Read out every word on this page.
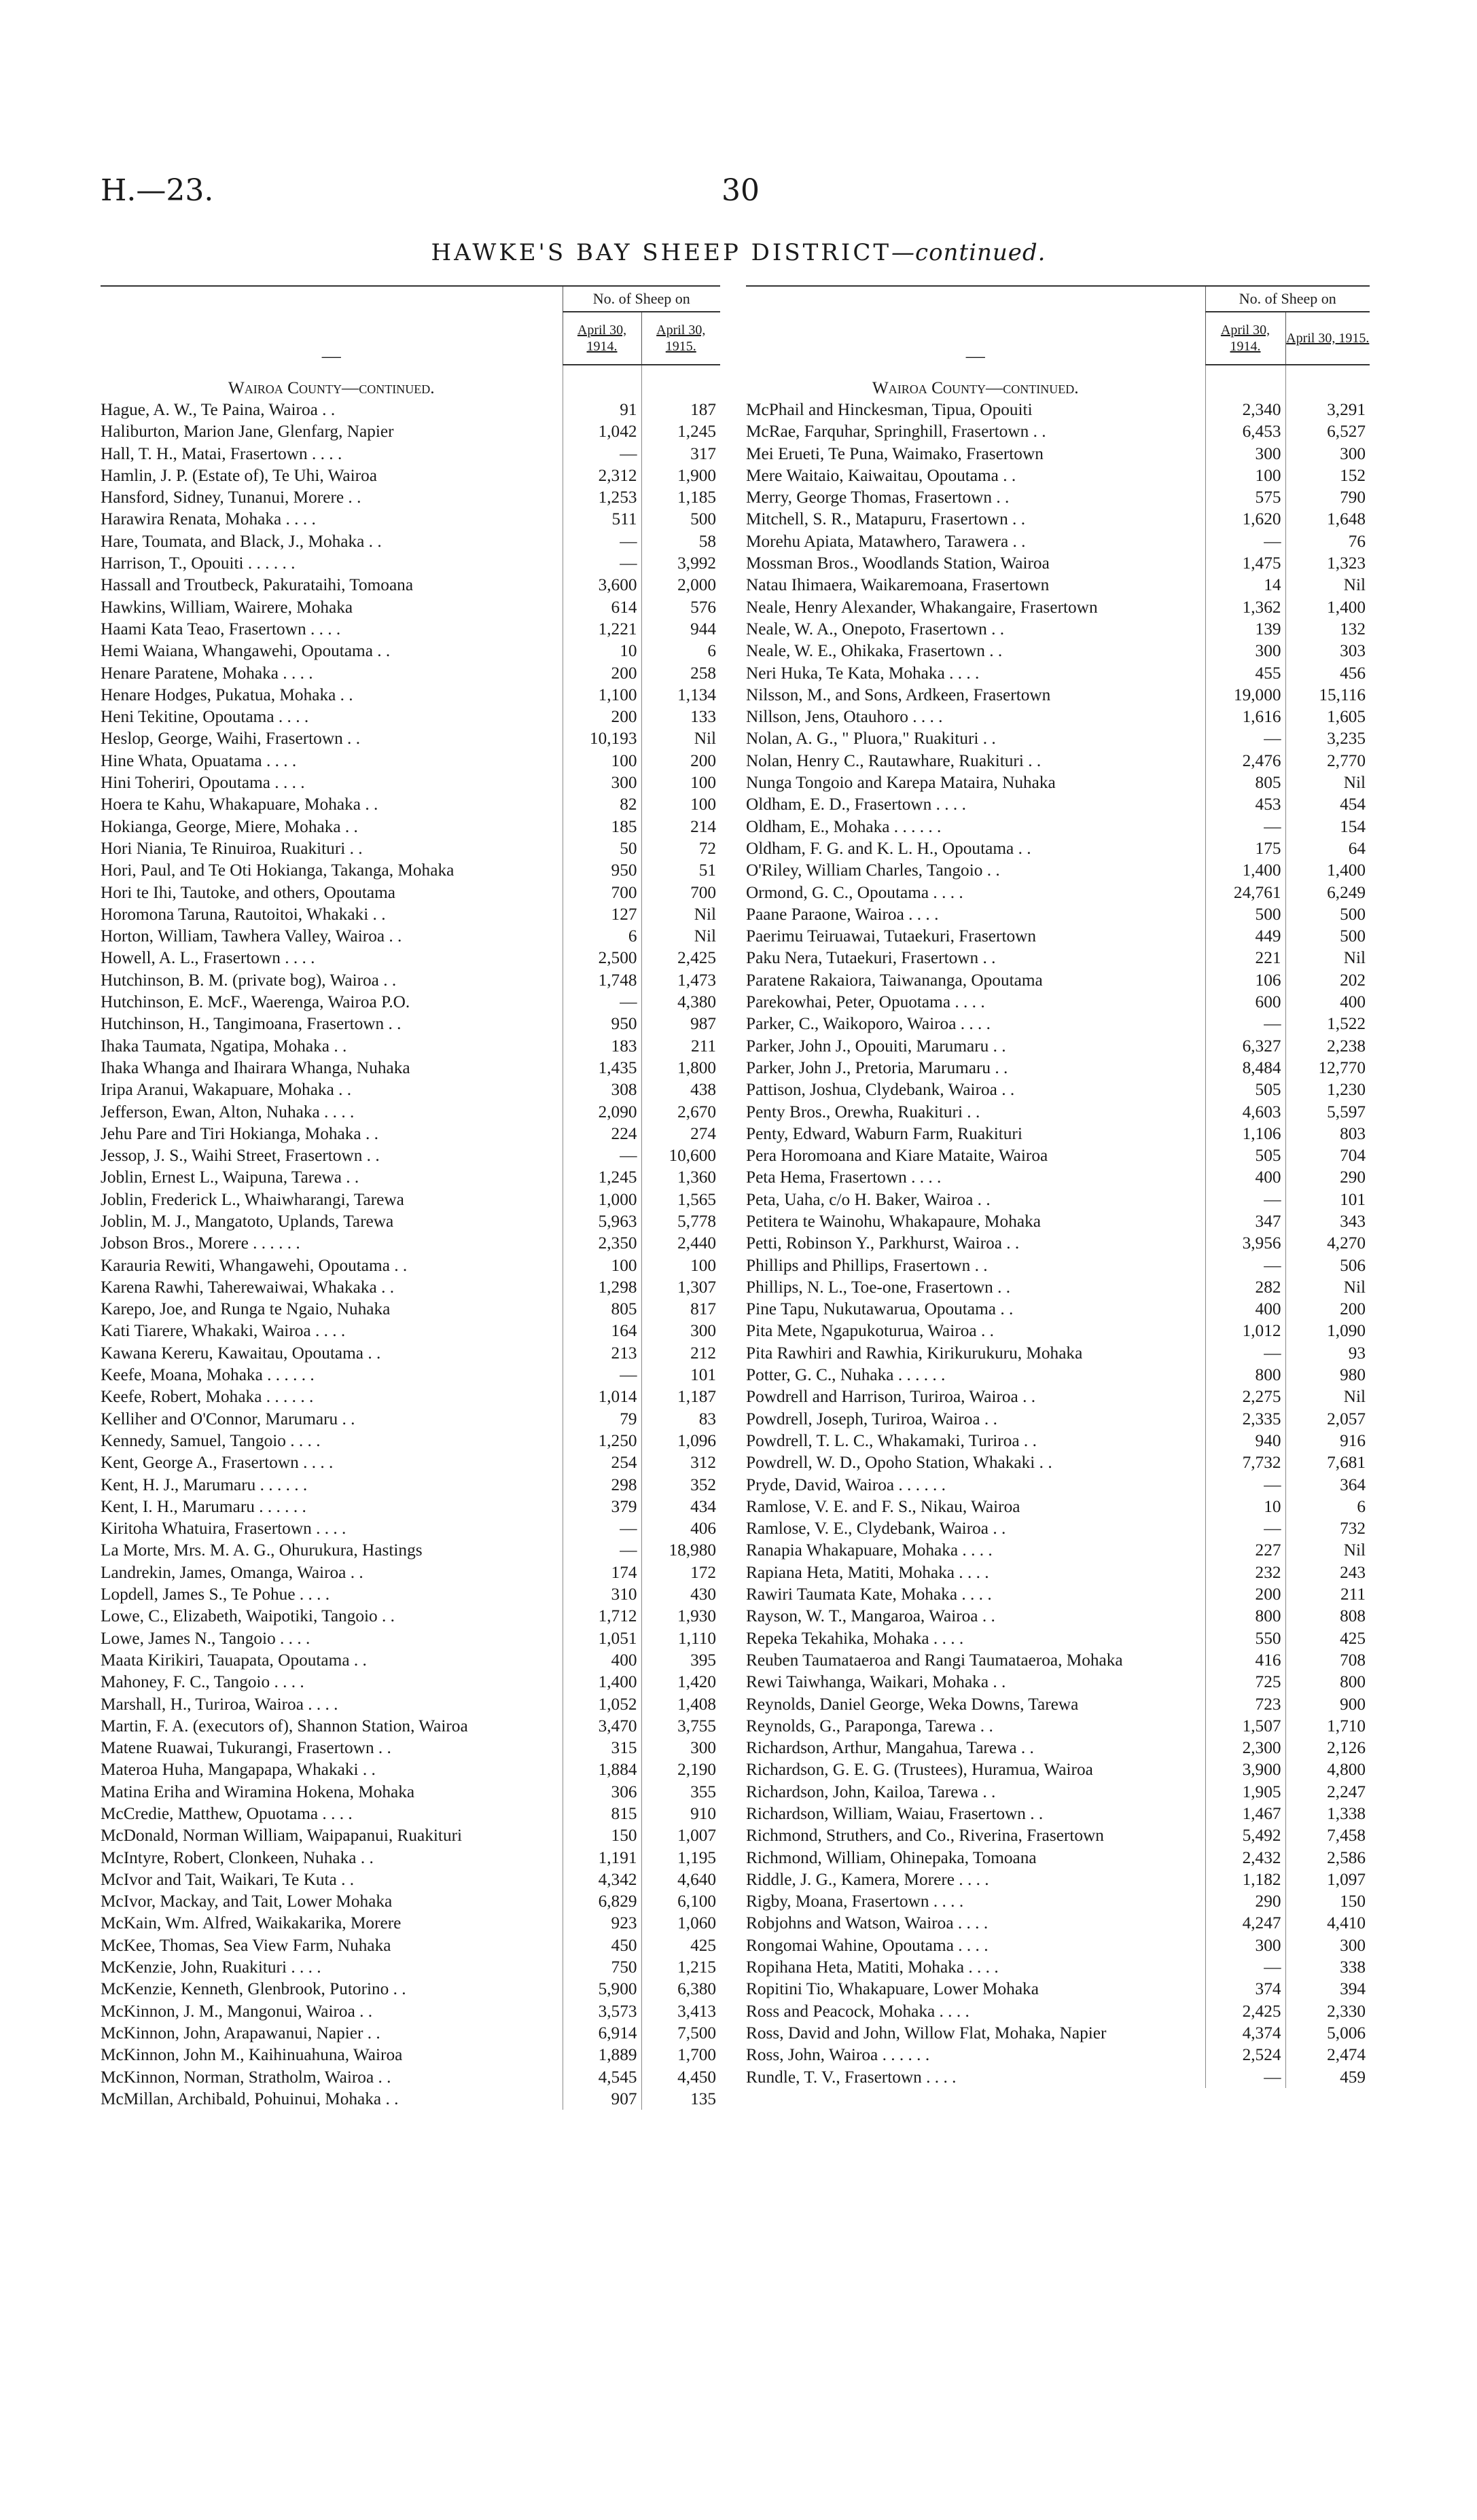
H.—23.	30
HAWKE'S BAY SHEEP DISTRICT—continued.
—	No. of Sheep on	
	April 30, 1914.	April 30, 1915.
Wairoa County—continued.		
Hague, A. W., Te Paina, Wairoa . .	91	187
Haliburton, Marion Jane, Glenfarg, Napier	1,042	1,245
Hall, T. H., Matai, Frasertown . . . .	—	317
Hamlin, J. P. (Estate of), Te Uhi, Wairoa	2,312	1,900
Hansford, Sidney, Tunanui, Morere . .	1,253	1,185
Harawira Renata, Mohaka . . . .	511	500
Hare, Toumata, and Black, J., Mohaka . .	—	58
Harrison, T., Opouiti . . . . . .	—	3,992
Hassall and Troutbeck, Pakurataihi, Tomoana	3,600	2,000
Hawkins, William, Wairere, Mohaka	614	576
Haami Kata Teao, Frasertown . . . .	1,221	944
Hemi Waiana, Whangawehi, Opoutama . .	10	6
Henare Paratene, Mohaka . . . .	200	258
Henare Hodges, Pukatua, Mohaka . .	1,100	1,134
Heni Tekitine, Opoutama . . . .	200	133
Heslop, George, Waihi, Frasertown . .	10,193	Nil
Hine Whata, Opuatama . . . .	100	200
Hini Toheriri, Opoutama . . . .	300	100
Hoera te Kahu, Whakapuare, Mohaka . .	82	100
Hokianga, George, Miere, Mohaka . .	185	214
Hori Niania, Te Rinuiroa, Ruakituri . .	50	72
Hori, Paul, and Te Oti Hokianga, Takanga, Mohaka	950	51
Hori te Ihi, Tautoke, and others, Opoutama	700	700
Horomona Taruna, Rautoitoi, Whakaki . .	127	Nil
Horton, William, Tawhera Valley, Wairoa . .	6	Nil
Howell, A. L., Frasertown . . . .	2,500	2,425
Hutchinson, B. M. (private bog), Wairoa . .	1,748	1,473
Hutchinson, E. McF., Waerenga, Wairoa P.O.	—	4,380
Hutchinson, H., Tangimoana, Frasertown . .	950	987
Ihaka Taumata, Ngatipa, Mohaka . .	183	211
Ihaka Whanga and Ihairara Whanga, Nuhaka	1,435	1,800
Iripa Aranui, Wakapuare, Mohaka . .	308	438
Jefferson, Ewan, Alton, Nuhaka . . . .	2,090	2,670
Jehu Pare and Tiri Hokianga, Mohaka . .	224	274
Jessop, J. S., Waihi Street, Frasertown . .	—	10,600
Joblin, Ernest L., Waipuna, Tarewa . .	1,245	1,360
Joblin, Frederick L., Whaiwharangi, Tarewa	1,000	1,565
Joblin, M. J., Mangatoto, Uplands, Tarewa	5,963	5,778
Jobson Bros., Morere . . . . . .	2,350	2,440
Karauria Rewiti, Whangawehi, Opoutama . .	100	100
Karena Rawhi, Taherewaiwai, Whakaka . .	1,298	1,307
Karepo, Joe, and Runga te Ngaio, Nuhaka	805	817
Kati Tiarere, Whakaki, Wairoa . . . .	164	300
Kawana Kereru, Kawaitau, Opoutama . .	213	212
Keefe, Moana, Mohaka . . . . . .	—	101
Keefe, Robert, Mohaka . . . . . .	1,014	1,187
Kelliher and O'Connor, Marumaru . .	79	83
Kennedy, Samuel, Tangoio . . . .	1,250	1,096
Kent, George A., Frasertown . . . .	254	312
Kent, H. J., Marumaru . . . . . .	298	352
Kent, I. H., Marumaru . . . . . .	379	434
Kiritoha Whatuira, Frasertown . . . .	—	406
La Morte, Mrs. M. A. G., Ohurukura, Hastings	—	18,980
Landrekin, James, Omanga, Wairoa . .	174	172
Lopdell, James S., Te Pohue . . . .	310	430
Lowe, C., Elizabeth, Waipotiki, Tangoio . .	1,712	1,930
Lowe, James N., Tangoio . . . .	1,051	1,110
Maata Kirikiri, Tauapata, Opoutama . .	400	395
Mahoney, F. C., Tangoio . . . .	1,400	1,420
Marshall, H., Turiroa, Wairoa . . . .	1,052	1,408
Martin, F. A. (executors of), Shannon Station, Wairoa	3,470	3,755
Matene Ruawai, Tukurangi, Frasertown . .	315	300
Materoa Huha, Mangapapa, Whakaki . .	1,884	2,190
Matina Eriha and Wiramina Hokena, Mohaka	306	355
McCredie, Matthew, Opuotama . . . .	815	910
McDonald, Norman William, Waipapanui, Ruakituri	150	1,007
McIntyre, Robert, Clonkeen, Nuhaka . .	1,191	1,195
McIvor and Tait, Waikari, Te Kuta . .	4,342	4,640
McIvor, Mackay, and Tait, Lower Mohaka	6,829	6,100
McKain, Wm. Alfred, Waikakarika, Morere	923	1,060
McKee, Thomas, Sea View Farm, Nuhaka	450	425
McKenzie, John, Ruakituri . . . .	750	1,215
McKenzie, Kenneth, Glenbrook, Putorino . .	5,900	6,380
McKinnon, J. M., Mangonui, Wairoa . .	3,573	3,413
McKinnon, John, Arapawanui, Napier . .	6,914	7,500
McKinnon, John M., Kaihinuahuna, Wairoa	1,889	1,700
McKinnon, Norman, Stratholm, Wairoa . .	4,545	4,450
McMillan, Archibald, Pohuinui, Mohaka . .	907	135
—	No. of Sheep on	
	April 30, 1914.	April 30, 1915.
Wairoa County—continued.		
McPhail and Hinckesman, Tipua, Opouiti	2,340	3,291
McRae, Farquhar, Springhill, Frasertown . .	6,453	6,527
Mei Erueti, Te Puna, Waimako, Frasertown	300	300
Mere Waitaio, Kaiwaitau, Opoutama . .	100	152
Merry, George Thomas, Frasertown . .	575	790
Mitchell, S. R., Matapuru, Frasertown . .	1,620	1,648
Morehu Apiata, Matawhero, Tarawera . .	—	76
Mossman Bros., Woodlands Station, Wairoa	1,475	1,323
Natau Ihimaera, Waikaremoana, Frasertown	14	Nil
Neale, Henry Alexander, Whakangaire, Frasertown	1,362	1,400
Neale, W. A., Onepoto, Frasertown . .	139	132
Neale, W. E., Ohikaka, Frasertown . .	300	303
Neri Huka, Te Kata, Mohaka . . . .	455	456
Nilsson, M., and Sons, Ardkeen, Frasertown	19,000	15,116
Nillson, Jens, Otauhoro . . . .	1,616	1,605
Nolan, A. G., " Pluora," Ruakituri . .	—	3,235
Nolan, Henry C., Rautawhare, Ruakituri . .	2,476	2,770
Nunga Tongoio and Karepa Mataira, Nuhaka	805	Nil
Oldham, E. D., Frasertown . . . .	453	454
Oldham, E., Mohaka . . . . . .	—	154
Oldham, F. G. and K. L. H., Opoutama . .	175	64
O'Riley, William Charles, Tangoio . .	1,400	1,400
Ormond, G. C., Opoutama . . . .	24,761	6,249
Paane Paraone, Wairoa . . . .	500	500
Paerimu Teiruawai, Tutaekuri, Frasertown	449	500
Paku Nera, Tutaekuri, Frasertown . .	221	Nil
Paratene Rakaiora, Taiwananga, Opoutama	106	202
Parekowhai, Peter, Opuotama . . . .	600	400
Parker, C., Waikoporo, Wairoa . . . .	—	1,522
Parker, John J., Opouiti, Marumaru . .	6,327	2,238
Parker, John J., Pretoria, Marumaru . .	8,484	12,770
Pattison, Joshua, Clydebank, Wairoa . .	505	1,230
Penty Bros., Orewha, Ruakituri . .	4,603	5,597
Penty, Edward, Waburn Farm, Ruakituri	1,106	803
Pera Horomoana and Kiare Mataite, Wairoa	505	704
Peta Hema, Frasertown . . . .	400	290
Peta, Uaha, c/o H. Baker, Wairoa . .	—	101
Petitera te Wainohu, Whakapaure, Mohaka	347	343
Petti, Robinson Y., Parkhurst, Wairoa . .	3,956	4,270
Phillips and Phillips, Frasertown . .	—	506
Phillips, N. L., Toe-one, Frasertown . .	282	Nil
Pine Tapu, Nukutawarua, Opoutama . .	400	200
Pita Mete, Ngapukoturua, Wairoa . .	1,012	1,090
Pita Rawhiri and Rawhia, Kirikurukuru, Mohaka	—	93
Potter, G. C., Nuhaka . . . . . .	800	980
Powdrell and Harrison, Turiroa, Wairoa . .	2,275	Nil
Powdrell, Joseph, Turiroa, Wairoa . .	2,335	2,057
Powdrell, T. L. C., Whakamaki, Turiroa . .	940	916
Powdrell, W. D., Opoho Station, Whakaki . .	7,732	7,681
Pryde, David, Wairoa . . . . . .	—	364
Ramlose, V. E. and F. S., Nikau, Wairoa	10	6
Ramlose, V. E., Clydebank, Wairoa . .	—	732
Ranapia Whakapuare, Mohaka . . . .	227	Nil
Rapiana Heta, Matiti, Mohaka . . . .	232	243
Rawiri Taumata Kate, Mohaka . . . .	200	211
Rayson, W. T., Mangaroa, Wairoa . .	800	808
Repeka Tekahika, Mohaka . . . .	550	425
Reuben Taumataeroa and Rangi Taumataeroa, Mohaka	416	708
Rewi Taiwhanga, Waikari, Mohaka . .	725	800
Reynolds, Daniel George, Weka Downs, Tarewa	723	900
Reynolds, G., Paraponga, Tarewa . .	1,507	1,710
Richardson, Arthur, Mangahua, Tarewa . .	2,300	2,126
Richardson, G. E. G. (Trustees), Huramua, Wairoa	3,900	4,800
Richardson, John, Kailoa, Tarewa . .	1,905	2,247
Richardson, William, Waiau, Frasertown . .	1,467	1,338
Richmond, Struthers, and Co., Riverina, Frasertown	5,492	7,458
Richmond, William, Ohinepaka, Tomoana	2,432	2,586
Riddle, J. G., Kamera, Morere . . . .	1,182	1,097
Rigby, Moana, Frasertown . . . .	290	150
Robjohns and Watson, Wairoa . . . .	4,247	4,410
Rongomai Wahine, Opoutama . . . .	300	300
Ropihana Heta, Matiti, Mohaka . . . .	—	338
Ropitini Tio, Whakapuare, Lower Mohaka	374	394
Ross and Peacock, Mohaka . . . .	2,425	2,330
Ross, David and John, Willow Flat, Mohaka, Napier	4,374	5,006
Ross, John, Wairoa . . . . . .	2,524	2,474
Rundle, T. V., Frasertown . . . .	—	459
